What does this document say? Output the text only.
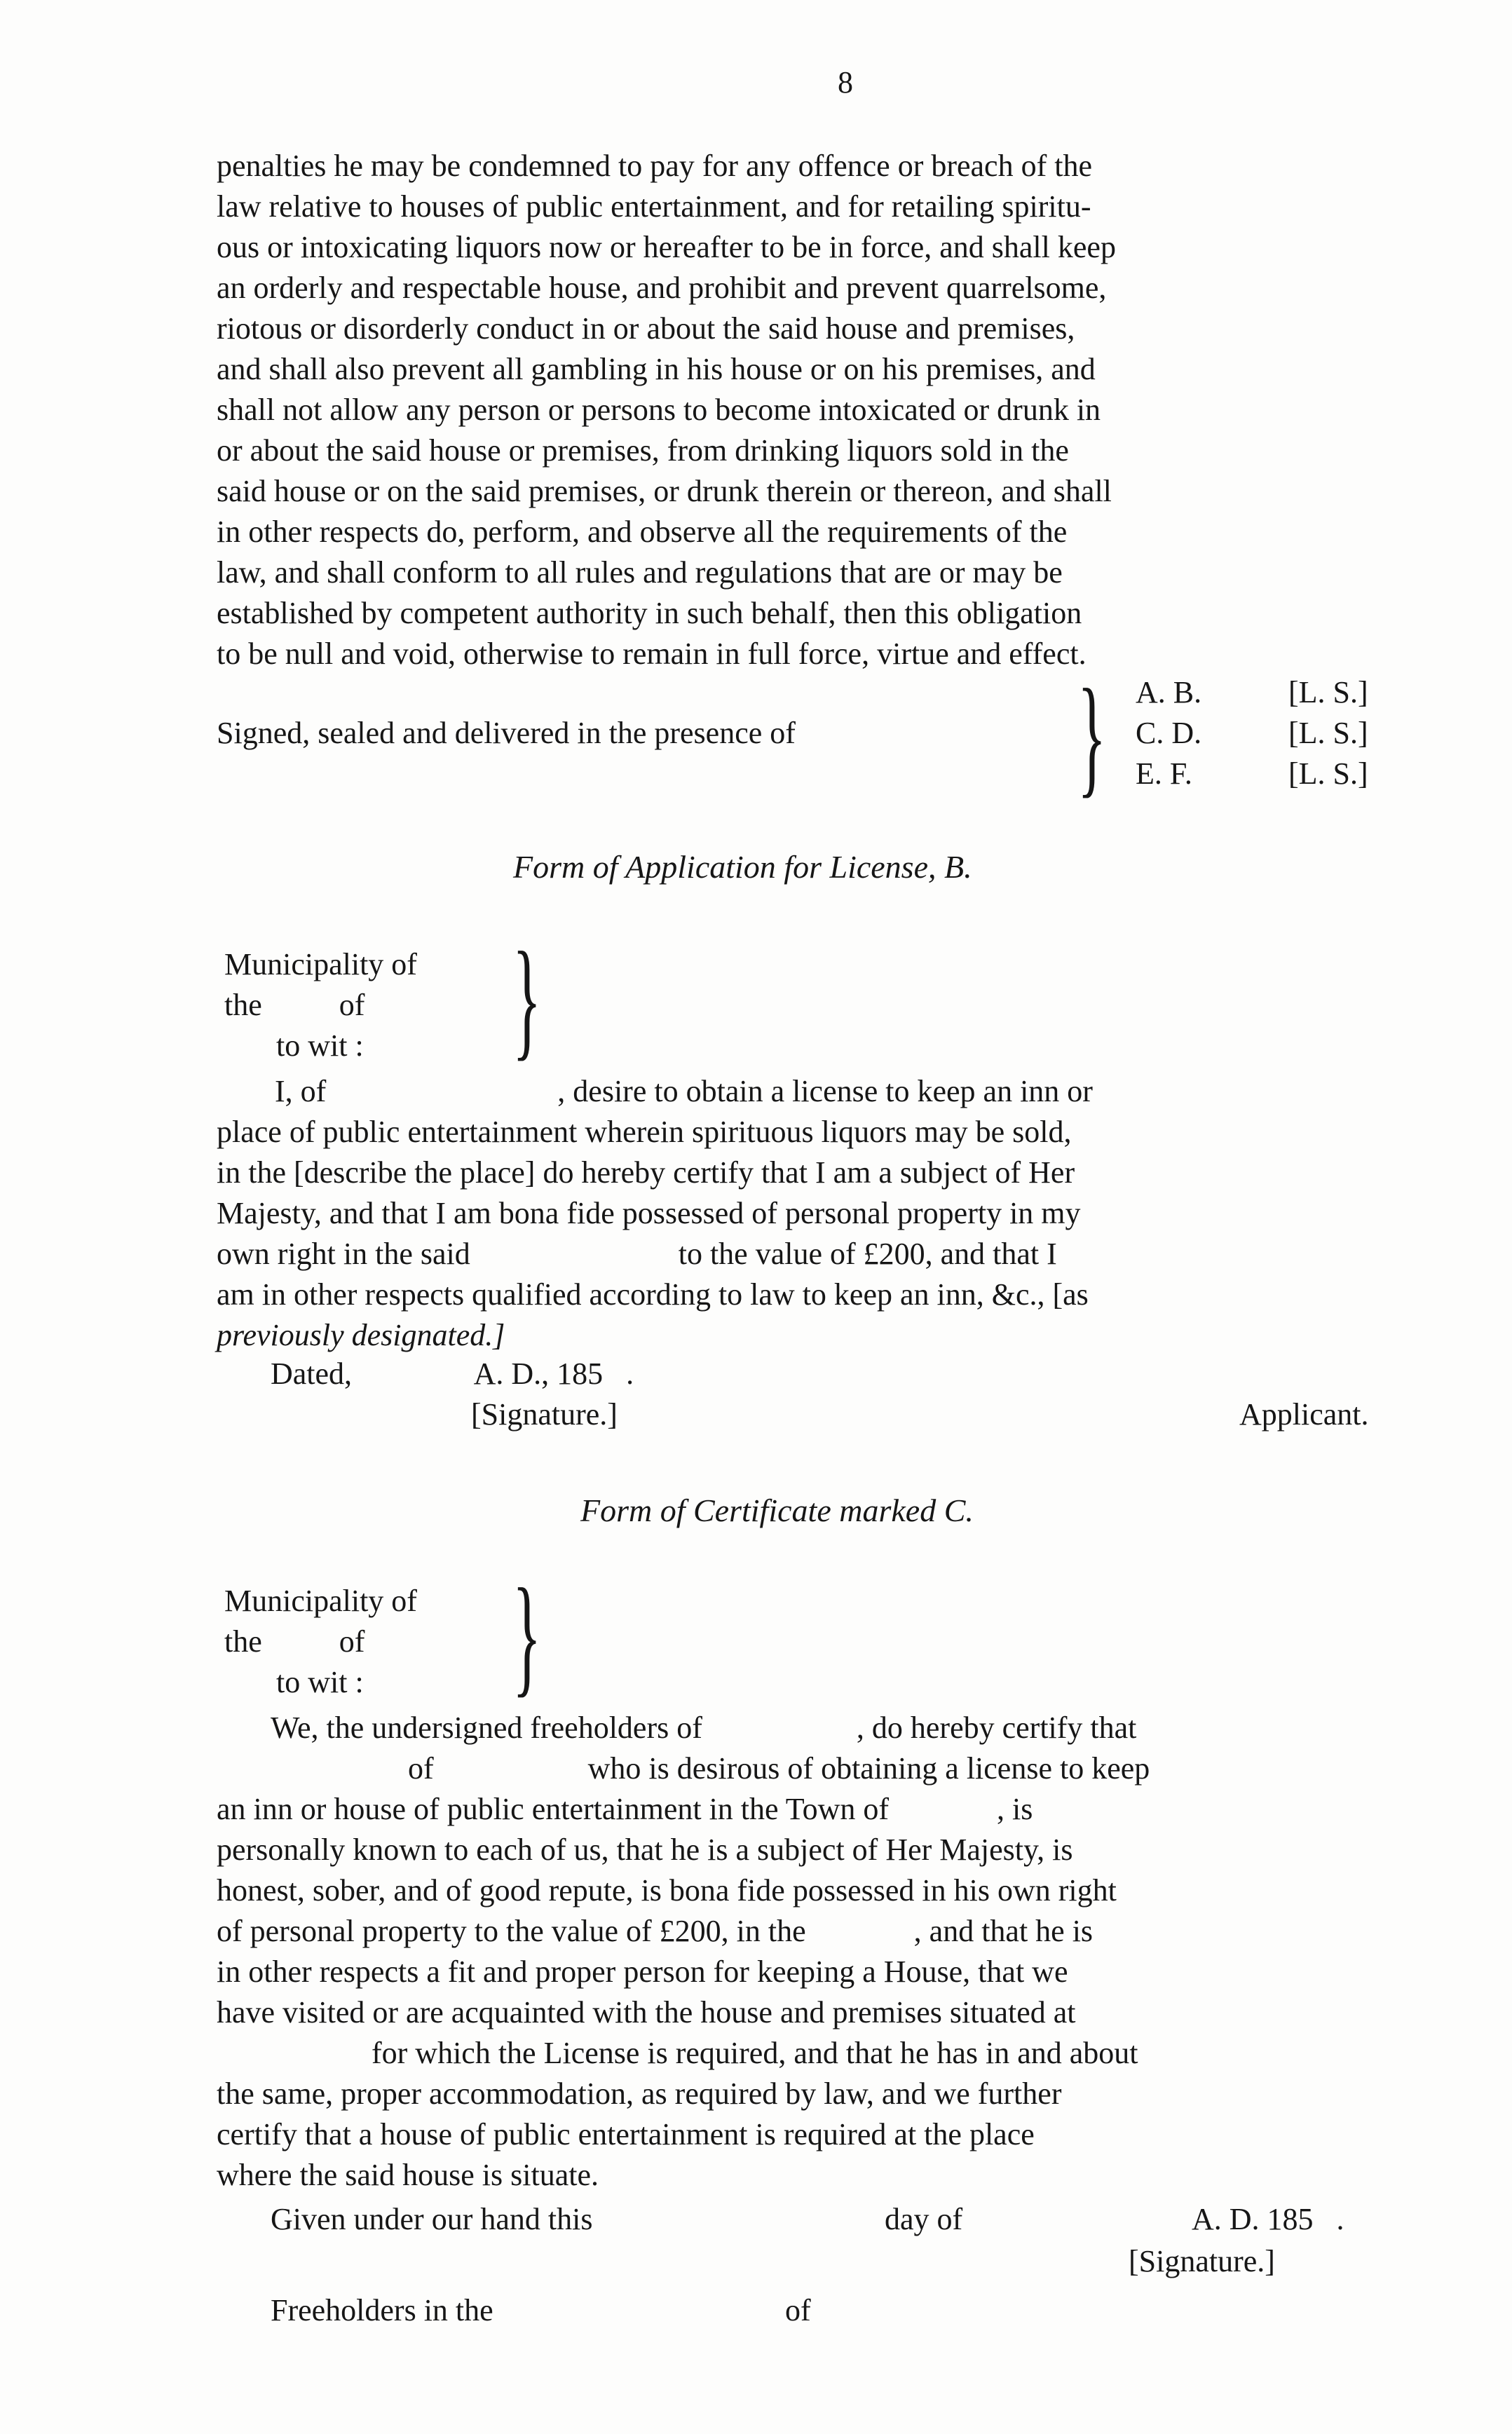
8
penalties he may be condemned to pay for any offence or breach of the
law relative to houses of public entertainment, and for retailing spiritu-
ous or intoxicating liquors now or hereafter to be in force, and shall keep
an orderly and respectable house, and prohibit and prevent quarrelsome,
riotous or disorderly conduct in or about the said house and premises,
and shall also prevent all gambling in his house or on his premises, and
shall not allow any person or persons to become intoxicated or drunk in
or about the said house or premises, from drinking liquors sold in the
said house or on the said premises, or drunk therein or thereon, and shall
in other respects do, perform, and observe all the requirements of the
law, and shall conform to all rules and regulations that are or may be
established by competent authority in such behalf, then this obligation
to be null and void, otherwise to remain in full force, virtue and effect.
Signed, sealed and delivered in the presence of } A. B.	[L. S.]
C. D.	[L. S.]
E. F.	[L. S.]
Form of Application for License, B.
Municipality of
the          of
to wit : }
I, of                              , desire to obtain a license to keep an inn or
place of public entertainment wherein spirituous liquors may be sold,
in the [describe the place] do hereby certify that I am a subject of Her
Majesty, and that I am bona fide possessed of personal property in my
own right in the said                           to the value of £200, and that I
am in other respects qualified according to law to keep an inn, &c., [as
previously designated.]
Dated,                A. D., 185   .
[Signature.]	Applicant.
Form of Certificate marked C.
Municipality of
the          of
to wit : }
We, the undersigned freeholders of                    , do hereby certify that
of                    who is desirous of obtaining a license to keep
an inn or house of public entertainment in the Town of              , is
personally known to each of us, that he is a subject of Her Majesty, is
honest, sober, and of good repute, is bona fide possessed in his own right
of personal property to the value of £200, in the              , and that he is
in other respects a fit and proper person for keeping a House, that we
have visited or are acquainted with the house and premises situated at
for which the License is required, and that he has in and about
the same, proper accommodation, as required by law, and we further
certify that a house of public entertainment is required at the place
where the said house is situate.
Given under our hand this	day of	A. D. 185   .
[Signature.]
Freeholders in the	of
